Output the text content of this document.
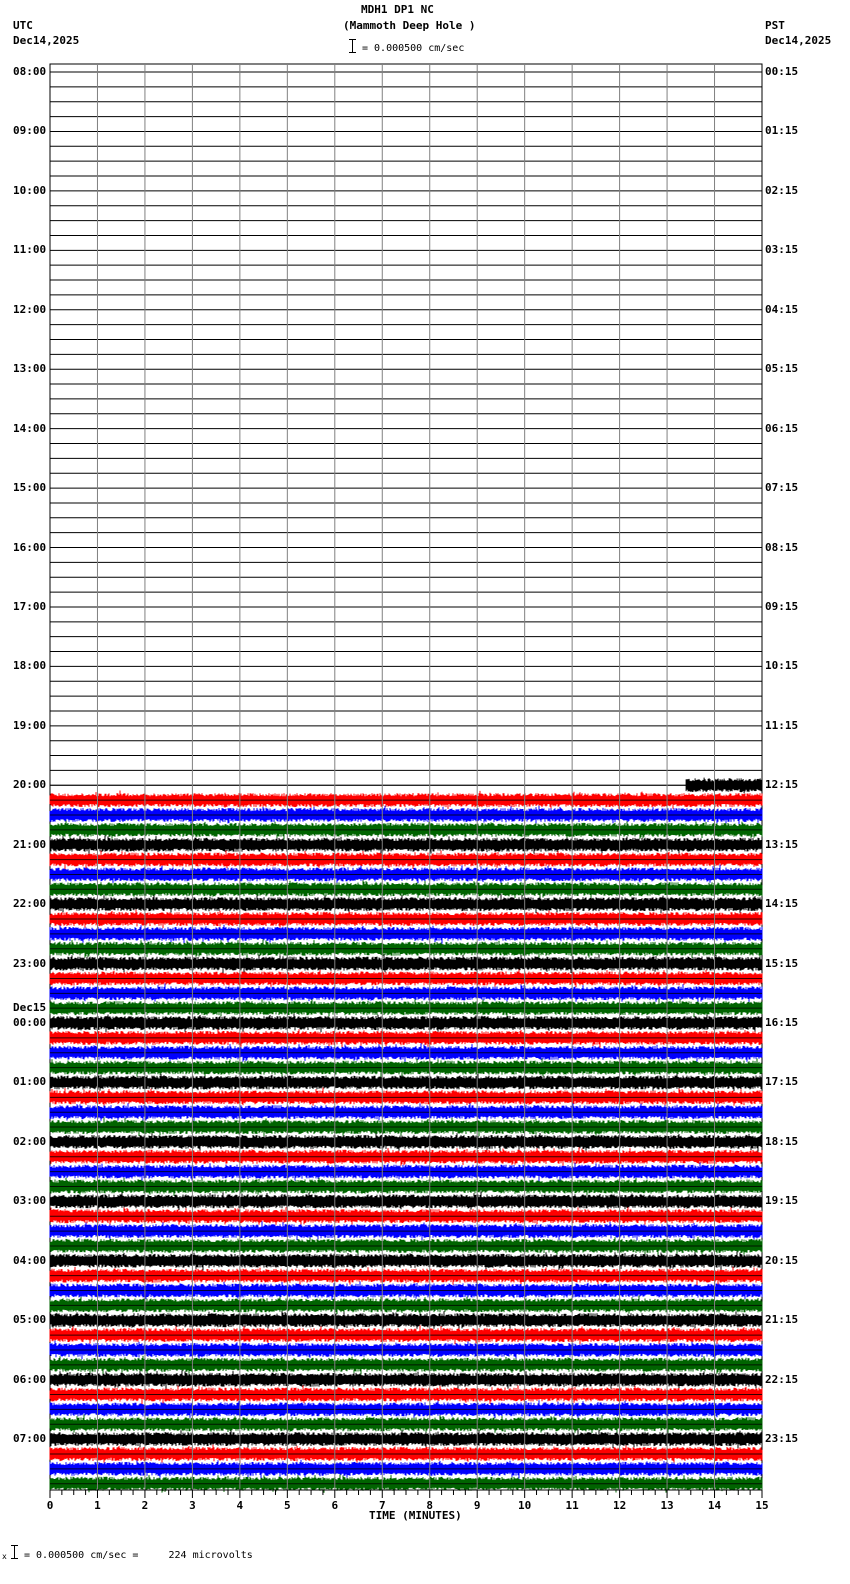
MDH1 DP1 NC
(Mammoth Deep Hole )
UTC
Dec14,2025
PST
Dec14,2025
= 0.000500 cm/sec
0	1	2	3	4	5	6	7	8	9	10	11	12	13	14	15
08:00
09:00
10:00
11:00
12:00
13:00
14:00
15:00
16:00
17:00
18:00
19:00
20:00
21:00
22:00
23:00
00:00
Dec15
01:00
02:00
03:00
04:00
05:00
06:00
07:00
00:15
01:15
02:15
03:15
04:15
05:15
06:15
07:15
08:15
09:15
10:15
11:15
12:15
13:15
14:15
15:15
16:15
17:15
18:15
19:15
20:15
21:15
22:15
23:15
TIME (MINUTES)
x = 0.000500 cm/sec =     224 microvolts
